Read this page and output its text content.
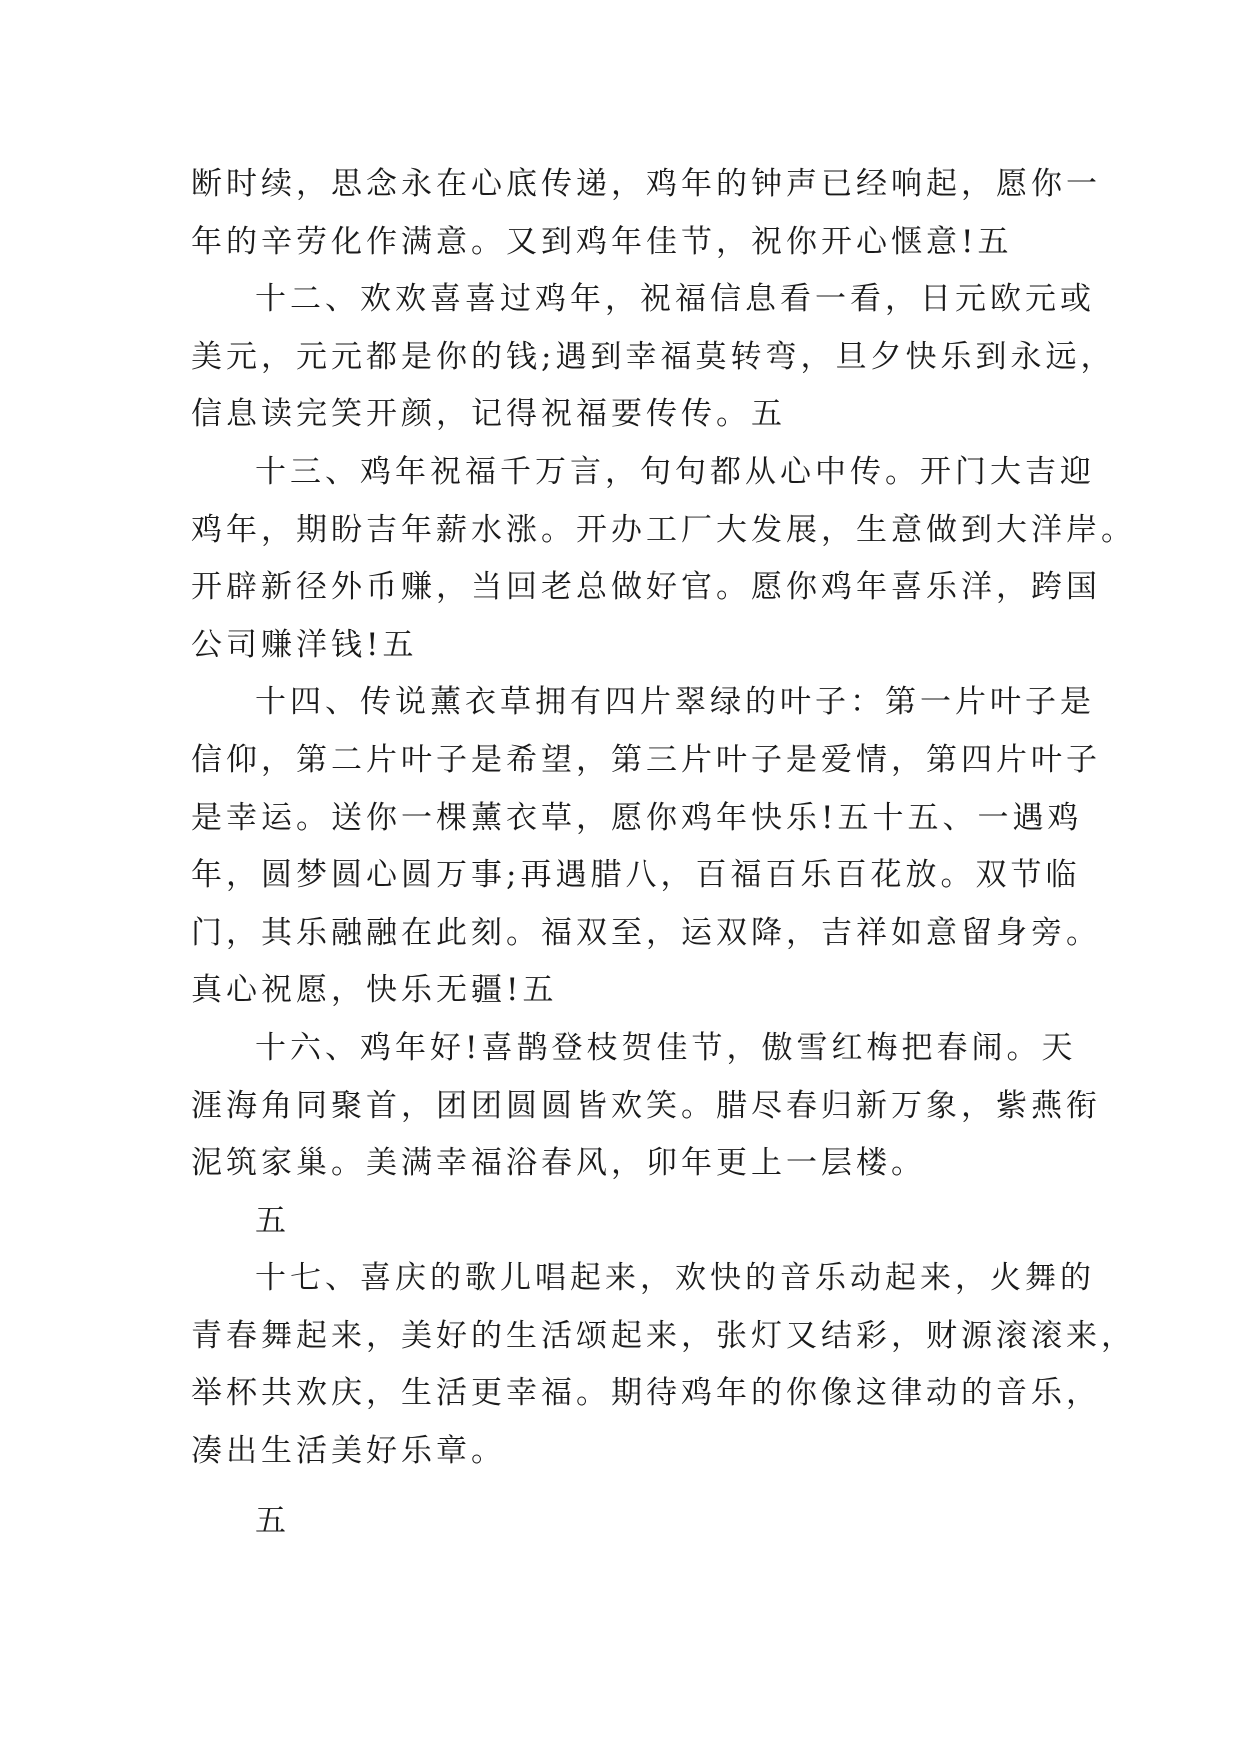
断时续，思念永在心底传递，鸡年的钟声已经响起，愿你一
年的辛劳化作满意。又到鸡年佳节，祝你开心惬意!五
十二、欢欢喜喜过鸡年，祝福信息看一看，日元欧元或
美元，元元都是你的钱;遇到幸福莫转弯，旦夕快乐到永远，
信息读完笑开颜，记得祝福要传传。五
十三、鸡年祝福千万言，句句都从心中传。开门大吉迎
鸡年，期盼吉年薪水涨。开办工厂大发展，生意做到大洋岸。
开辟新径外币赚，当回老总做好官。愿你鸡年喜乐洋，跨国
公司赚洋钱!五
十四、传说薰衣草拥有四片翠绿的叶子：第一片叶子是
信仰，第二片叶子是希望，第三片叶子是爱情，第四片叶子
是幸运。送你一棵薰衣草，愿你鸡年快乐!五十五、一遇鸡
年，圆梦圆心圆万事;再遇腊八，百福百乐百花放。双节临
门，其乐融融在此刻。福双至，运双降，吉祥如意留身旁。
真心祝愿，快乐无疆!五
十六、鸡年好!喜鹊登枝贺佳节，傲雪红梅把春闹。天
涯海角同聚首，团团圆圆皆欢笑。腊尽春归新万象，紫燕衔
泥筑家巢。美满幸福浴春风，卯年更上一层楼。
五
十七、喜庆的歌儿唱起来，欢快的音乐动起来，火舞的
青春舞起来，美好的生活颂起来，张灯又结彩，财源滚滚来，
举杯共欢庆，生活更幸福。期待鸡年的你像这律动的音乐，
凑出生活美好乐章。
五
